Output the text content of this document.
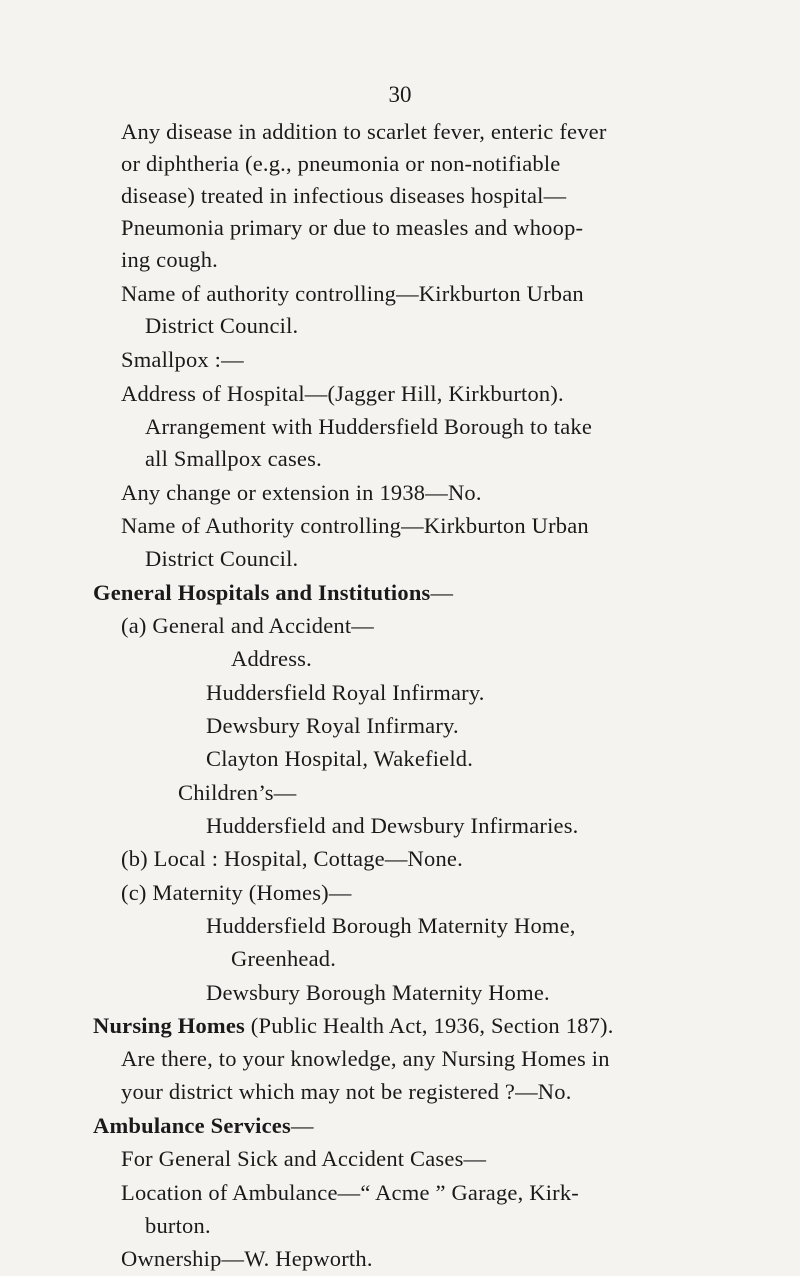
30
Any disease in addition to scarlet fever, enteric fever
or diphtheria (e.g., pneumonia or non-notifiable
disease) treated in infectious diseases hospital—
Pneumonia primary or due to measles and whoop-
ing cough.
Name of authority controlling—Kirkburton Urban
District Council.
Smallpox :—
Address of Hospital—(Jagger Hill, Kirkburton).
Arrangement with Huddersfield Borough to take
all Smallpox cases.
Any change or extension in 1938—No.
Name of Authority controlling—Kirkburton Urban
District Council.
General Hospitals and Institutions—
(a) General and Accident—
Address.
Huddersfield Royal Infirmary.
Dewsbury Royal Infirmary.
Clayton Hospital, Wakefield.
Children’s—
Huddersfield and Dewsbury Infirmaries.
(b) Local : Hospital, Cottage—None.
(c) Maternity (Homes)—
Huddersfield Borough Maternity Home,
Greenhead.
Dewsbury Borough Maternity Home.
Nursing Homes (Public Health Act, 1936, Section 187).
Are there, to your knowledge, any Nursing Homes in
your district which may not be registered ?—No.
Ambulance Services—
For General Sick and Accident Cases—
Location of Ambulance—“ Acme ” Garage, Kirk-
burton.
Ownership—W. Hepworth.
